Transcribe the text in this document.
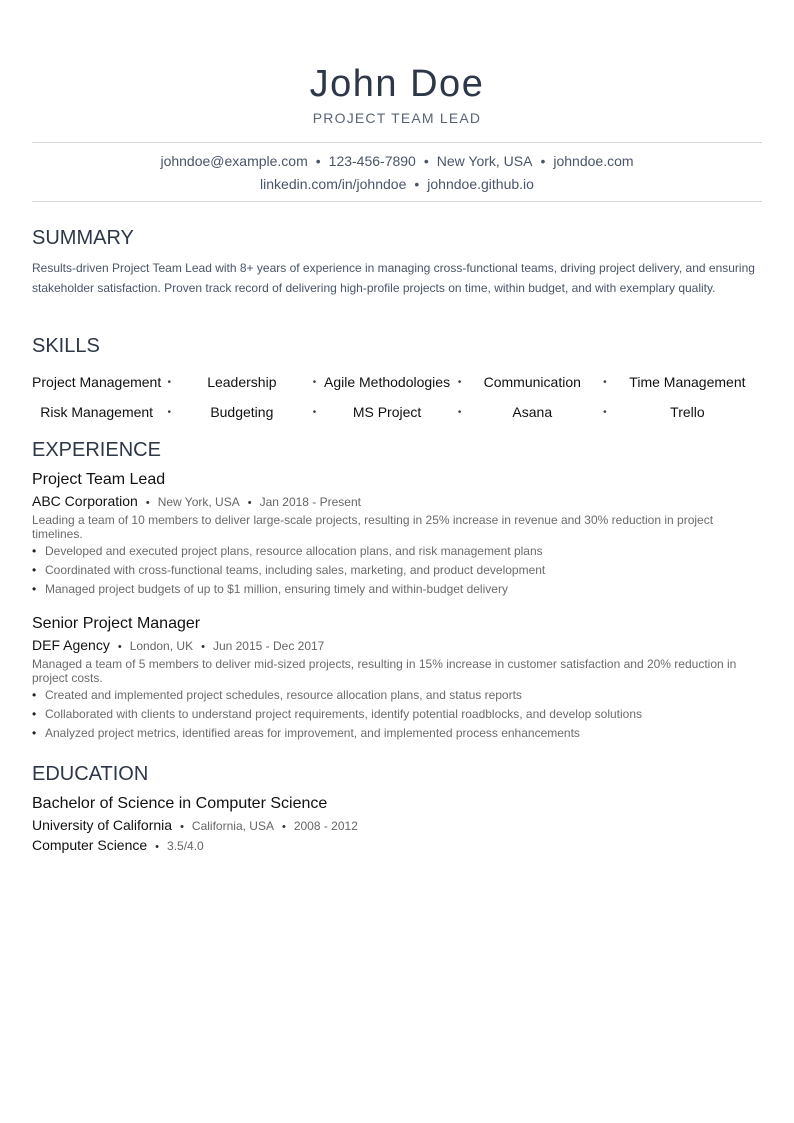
John Doe
PROJECT TEAM LEAD
johndoe@example.com • 123-456-7890 • New York, USA • johndoe.com
linkedin.com/in/johndoe • johndoe.github.io
SUMMARY

Results-driven Project Team Lead with 8+ years of experience in managing cross-functional teams, driving project delivery, and ensuring stakeholder satisfaction. Proven track record of delivering high-profile projects on time, within budget, and with exemplary quality.

SKILLS
Project Management •	Leadership	• Agile Methodologies •	Communication	•	Time Management
Risk Management	•	Budgeting	•	MS Project	•	Asana	•	Trello
EXPERIENCE
Project Team Lead
ABC Corporation • New York, USA • Jan 2018 - Present

Leading a team of 10 members to deliver large-scale projects, resulting in 25% increase in revenue and 30% reduction in project timelines.

• Developed and executed project plans, resource allocation plans, and risk management plans
• Coordinated with cross-functional teams, including sales, marketing, and product development
• Managed project budgets of up to $1 million, ensuring timely and within-budget delivery
Senior Project Manager
DEF Agency • London, UK • Jun 2015 - Dec 2017

Managed a team of 5 members to deliver mid-sized projects, resulting in 15% increase in customer satisfaction and 20% reduction in project costs.

• Created and implemented project schedules, resource allocation plans, and status reports
• Collaborated with clients to understand project requirements, identify potential roadblocks, and develop solutions
• Analyzed project metrics, identified areas for improvement, and implemented process enhancements
EDUCATION
Bachelor of Science in Computer Science
University of California • California, USA • 2008 - 2012
Computer Science • 3.5/4.0
